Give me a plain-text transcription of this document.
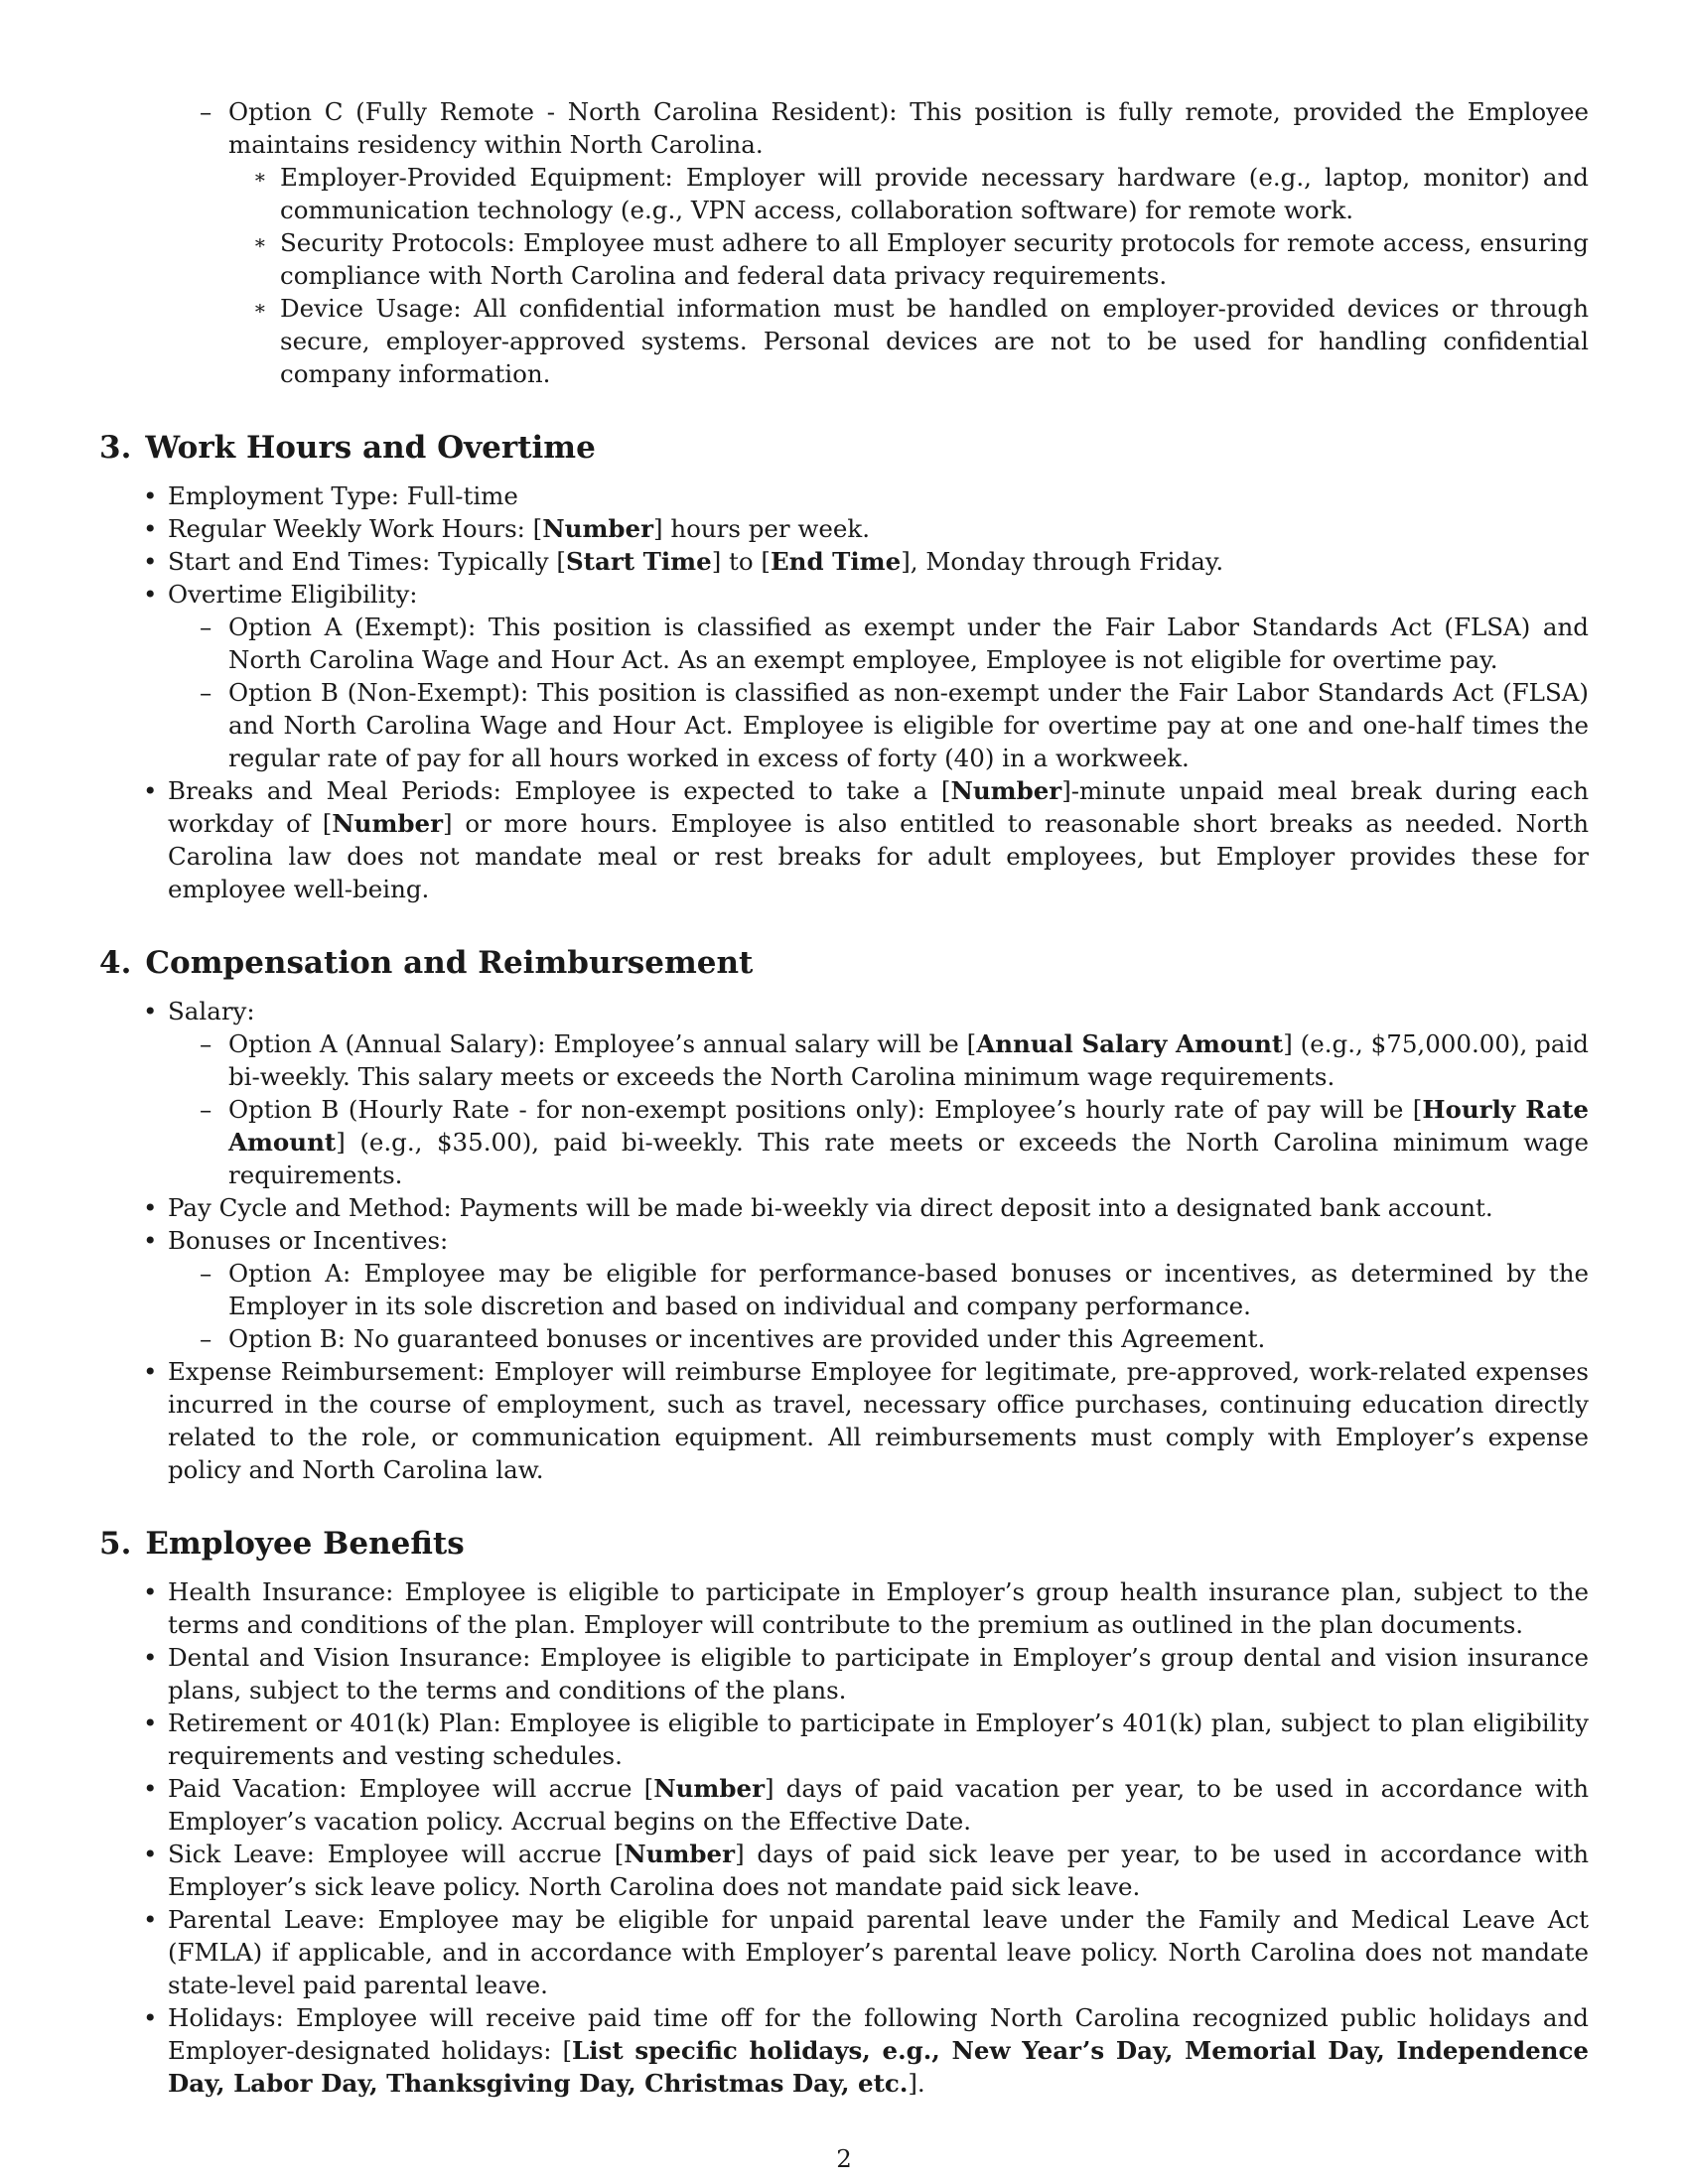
– Option C (Fully Remote - North Carolina Resident): This position is fully remote, provided the Employee maintains residency within North Carolina.
∗ Employer-Provided Equipment: Employer will provide necessary hardware (e.g., laptop, monitor) and communication technology (e.g., VPN access, collaboration software) for remote work.
∗ Security Protocols: Employee must adhere to all Employer security protocols for remote access, ensuring compliance with North Carolina and federal data privacy requirements.
∗ Device Usage: All confidential information must be handled on employer-provided devices or through secure, employer-approved systems. Personal devices are not to be used for handling confidential company information.
3. Work Hours and Overtime
• Employment Type: Full-time
• Regular Weekly Work Hours: [Number] hours per week.
• Start and End Times: Typically [Start Time] to [End Time], Monday through Friday.
• Overtime Eligibility:
– Option A (Exempt): This position is classified as exempt under the Fair Labor Standards Act (FLSA) and North Carolina Wage and Hour Act. As an exempt employee, Employee is not eligible for overtime pay.
– Option B (Non-Exempt): This position is classified as non-exempt under the Fair Labor Standards Act (FLSA) and North Carolina Wage and Hour Act. Employee is eligible for overtime pay at one and one-half times the regular rate of pay for all hours worked in excess of forty (40) in a workweek.
• Breaks and Meal Periods: Employee is expected to take a [Number]-minute unpaid meal break during each workday of [Number] or more hours. Employee is also entitled to reasonable short breaks as needed. North Carolina law does not mandate meal or rest breaks for adult employees, but Employer provides these for employee well-being.
4. Compensation and Reimbursement
• Salary:
– Option A (Annual Salary): Employee’s annual salary will be [Annual Salary Amount] (e.g., $75,000.00), paid bi-weekly. This salary meets or exceeds the North Carolina minimum wage requirements.
– Option B (Hourly Rate - for non-exempt positions only): Employee’s hourly rate of pay will be [Hourly Rate Amount] (e.g., $35.00), paid bi-weekly. This rate meets or exceeds the North Carolina minimum wage requirements.
• Pay Cycle and Method: Payments will be made bi-weekly via direct deposit into a designated bank account.
• Bonuses or Incentives:
– Option A: Employee may be eligible for performance-based bonuses or incentives, as determined by the Employer in its sole discretion and based on individual and company performance.
– Option B: No guaranteed bonuses or incentives are provided under this Agreement.
• Expense Reimbursement: Employer will reimburse Employee for legitimate, pre-approved, work-related expenses incurred in the course of employment, such as travel, necessary office purchases, continuing education directly related to the role, or communication equipment. All reimbursements must comply with Employer’s expense policy and North Carolina law.
5. Employee Benefits
• Health Insurance: Employee is eligible to participate in Employer’s group health insurance plan, subject to the terms and conditions of the plan. Employer will contribute to the premium as outlined in the plan documents.
• Dental and Vision Insurance: Employee is eligible to participate in Employer’s group dental and vision insurance plans, subject to the terms and conditions of the plans.
• Retirement or 401(k) Plan: Employee is eligible to participate in Employer’s 401(k) plan, subject to plan eligibility requirements and vesting schedules.
• Paid Vacation: Employee will accrue [Number] days of paid vacation per year, to be used in accordance with Employer’s vacation policy. Accrual begins on the Effective Date.
• Sick Leave: Employee will accrue [Number] days of paid sick leave per year, to be used in accordance with Employer’s sick leave policy. North Carolina does not mandate paid sick leave.
• Parental Leave: Employee may be eligible for unpaid parental leave under the Family and Medical Leave Act (FMLA) if applicable, and in accordance with Employer’s parental leave policy. North Carolina does not mandate state-level paid parental leave.
• Holidays: Employee will receive paid time off for the following North Carolina recognized public holidays and Employer-designated holidays: [List specific holidays, e.g., New Year’s Day, Memorial Day, Independence Day, Labor Day, Thanksgiving Day, Christmas Day, etc.].
2
